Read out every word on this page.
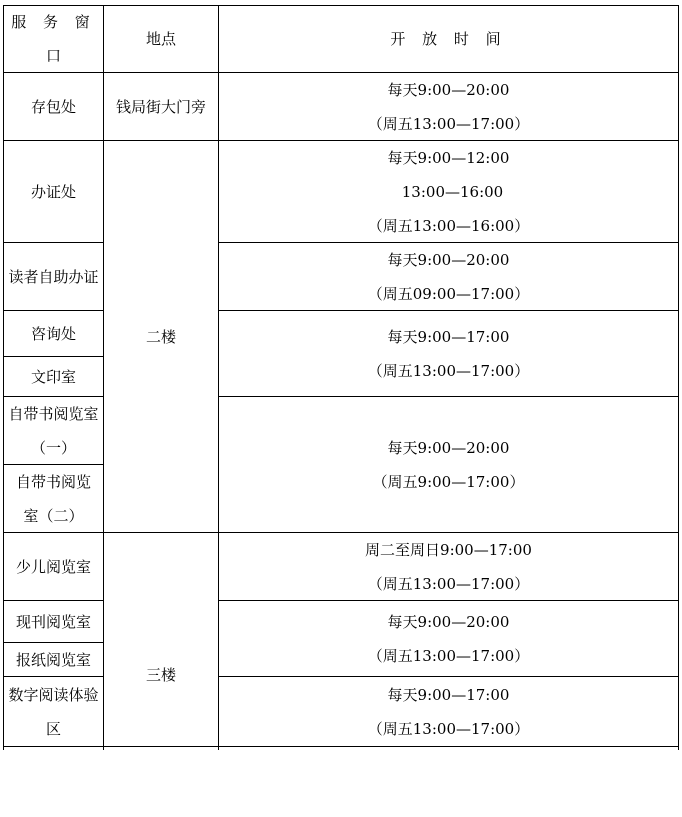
服 务 窗
口
地点	开 放 时 间
存包处	钱局街大门旁
每天9:00—20:00
（周五13:00—17:00）
办证处
每天9:00—12:00
13:00—16:00
（周五13:00—16:00）
二楼
读者自助办证
每天9:00—20:00
（周五09:00—17:00）
咨询处
文印室
每天9:00—17:00
（周五13:00—17:00）
自带书阅览室
（一）
自带书阅览
室（二）
每天9:00—20:00
（周五9:00—17:00）
少儿阅览室
周二至周日9:00—17:00
（周五13:00—17:00）
三楼
现刊阅览室
报纸阅览室
每天9:00—20:00
（周五13:00—17:00）
数字阅读体验
区
每天9:00—17:00
（周五13:00—17:00）
